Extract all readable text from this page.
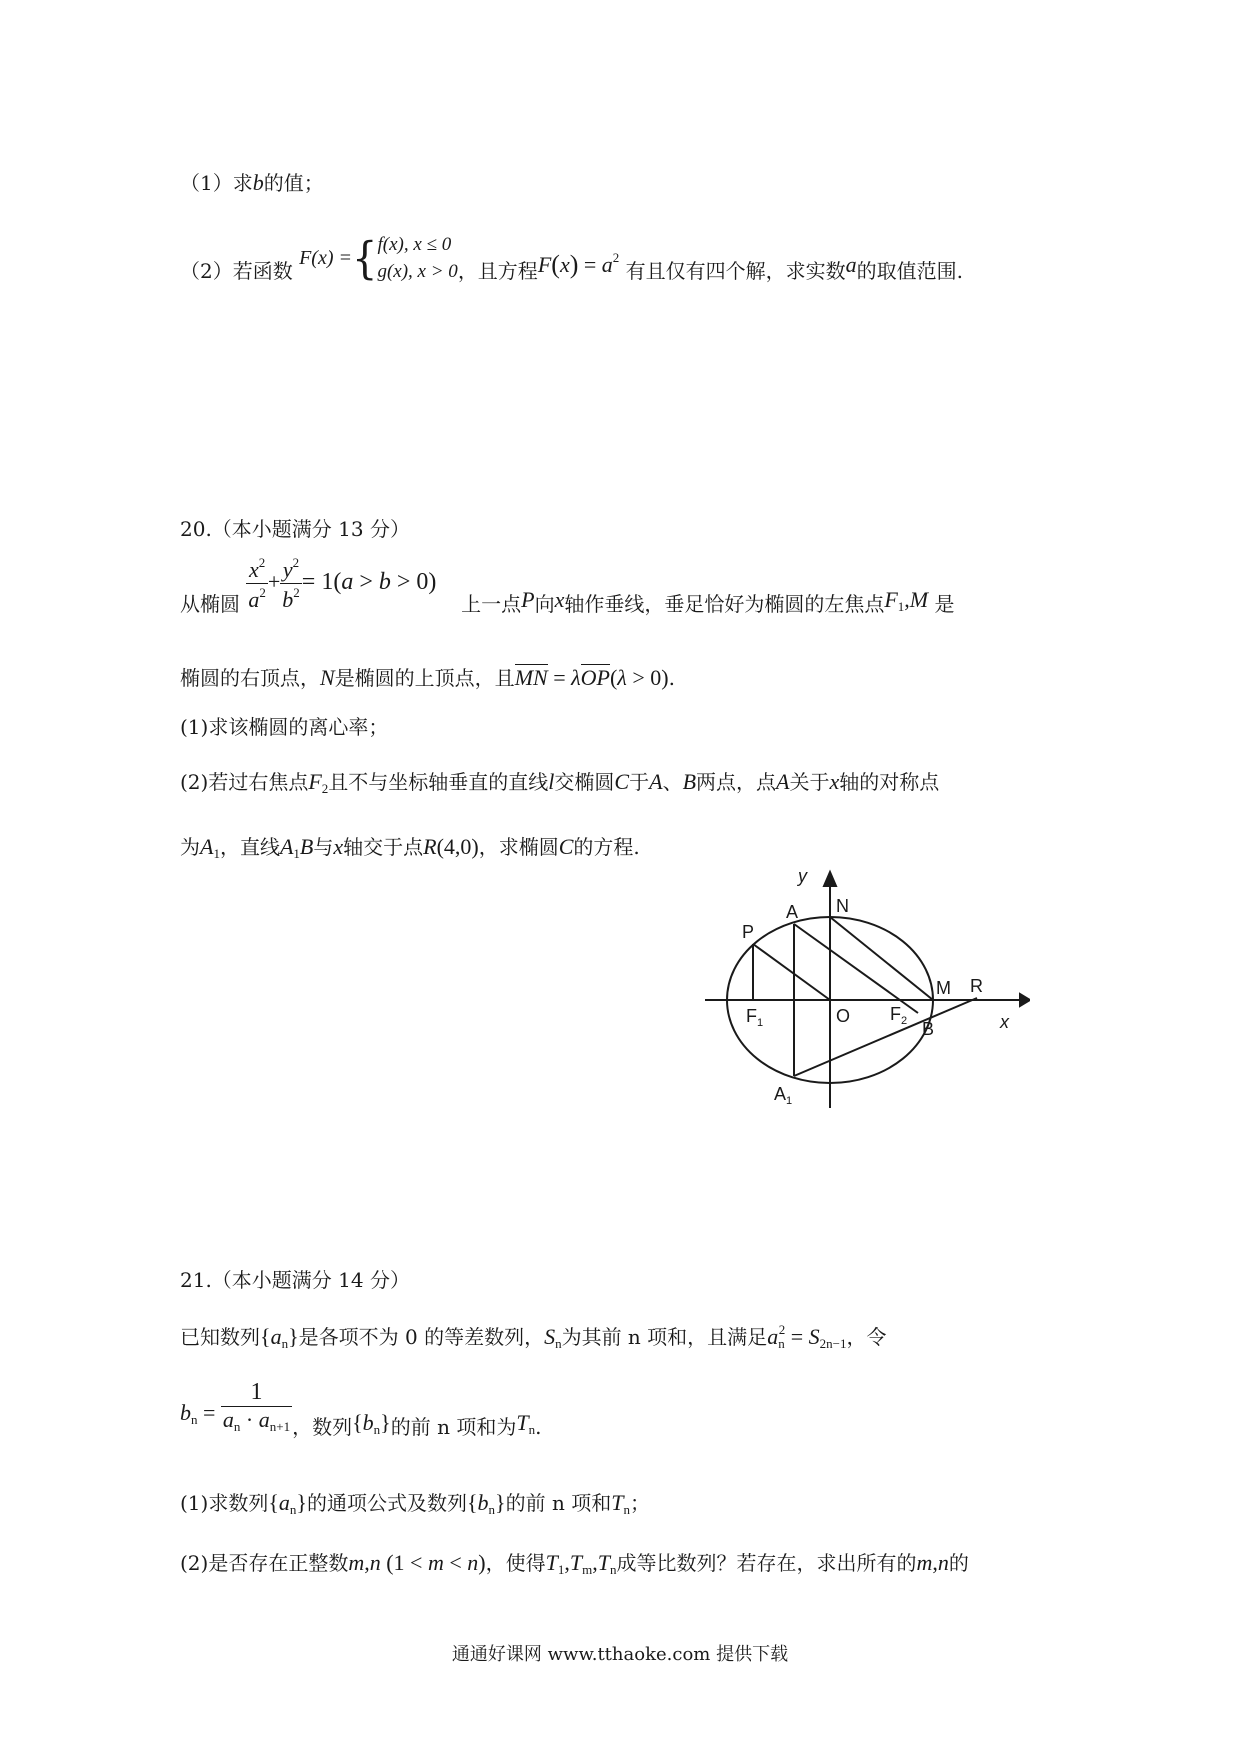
（1）求b的值；
（2）若函数 F(x) ={f(x), x ≤ 0
g(x), x > 0，且方程$F(x) = a^2$ 有且仅有四个解，求实数a的取值范围.
20.（本小题满分 13 分）
从椭圆 $\frac{x^2}{a^2} + \frac{y^2}{b^2} = 1(a > b > 0)$  上一点P向x轴作垂线，垂足恰好为椭圆的左焦点$F_1,M$ 是
椭圆的右顶点，N是椭圆的上顶点，且MN = λOP(λ > 0).
(1)求该椭圆的离心率；
(2)若过右焦点$F_2$且不与坐标轴垂直的直线l交椭圆C于A、B两点，点A关于x轴的对称点
为$A_1$，直线$A_1B$与x轴交于点R(4,0)，求椭圆C的方程.
y
x
P
A N
M R
O
B
$F_1$	$F_2$
$A_1$
21.（本小题满分 14 分）
已知数列$\{a_n\}$是各项不为 0 的等差数列，$S_n$为其前 n 项和，且满足$a_n^2 = S_{2n-1}$，令
$b_n = \frac{1}{a_n \cdot a_{n+1}}$ ，数列$\{b_n\}$的前 n 项和为$T_n$.
(1)求数列$\{a_n\}$的通项公式及数列$\{b_n\}$的前 n 项和$T_n$；
(2)是否存在正整数m,n (1 < m < n)，使得$T_1,T_m,T_n$成等比数列？若存在，求出所有的m,n的
通通好课网 www.tthaoke.com 提供下载
